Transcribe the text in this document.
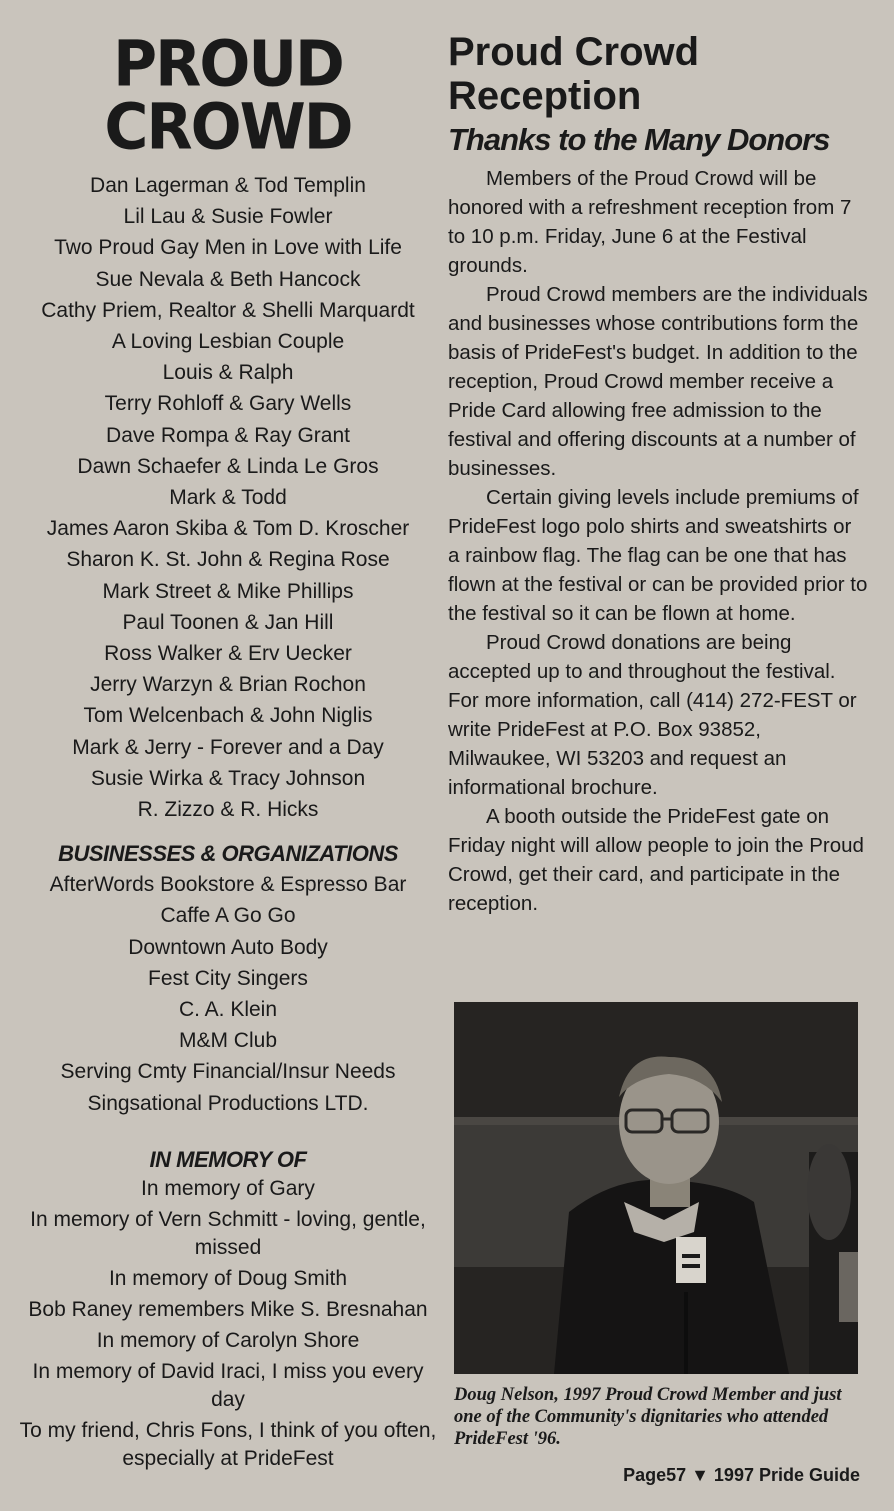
PROUD CROWD
Dan Lagerman & Tod Templin
Lil Lau & Susie Fowler
Two Proud Gay Men in Love with Life
Sue Nevala & Beth Hancock
Cathy Priem, Realtor & Shelli Marquardt
A Loving Lesbian Couple
Louis & Ralph
Terry Rohloff & Gary Wells
Dave Rompa & Ray Grant
Dawn Schaefer & Linda Le Gros
Mark & Todd
James Aaron Skiba & Tom D. Kroscher
Sharon K. St. John & Regina Rose
Mark Street & Mike Phillips
Paul Toonen & Jan Hill
Ross Walker & Erv Uecker
Jerry Warzyn & Brian Rochon
Tom Welcenbach & John Niglis
Mark & Jerry - Forever and a Day
Susie Wirka & Tracy Johnson
R. Zizzo & R. Hicks
BUSINESSES & ORGANIZATIONS
AfterWords Bookstore & Espresso Bar
Caffe A Go Go
Downtown Auto Body
Fest City Singers
C. A. Klein
M&M Club
Serving Cmty Financial/Insur Needs
Singsational Productions LTD.
IN MEMORY OF
In memory of Gary
In memory of Vern Schmitt - loving, gentle, missed
In memory of Doug Smith
Bob Raney remembers Mike S. Bresnahan
In memory of Carolyn Shore
In memory of David Iraci, I miss you every day
To my friend, Chris Fons, I think of you often, especially at PrideFest
Proud Crowd Reception
Thanks to the Many Donors

Members of the Proud Crowd will be honored with a refreshment reception from 7 to 10 p.m. Friday, June 6 at the Festival grounds.

Proud Crowd members are the individuals and businesses whose contributions form the basis of PrideFest's budget. In addition to the reception, Proud Crowd member receive a Pride Card allowing free admission to the festival and offering discounts at a number of businesses.

Certain giving levels include premiums of PrideFest logo polo shirts and sweatshirts or a rainbow flag. The flag can be one that has flown at the festival or can be provided prior to the festival so it can be flown at home.

Proud Crowd donations are being accepted up to and throughout the festival. For more information, call (414) 272-FEST or write PrideFest at P.O. Box 93852, Milwaukee, WI 53203 and request an informational brochure.

A booth outside the PrideFest gate on Friday night will allow people to join the Proud Crowd, get their card, and participate in the reception.

Doug Nelson, 1997 Proud Crowd Member and just one of the Community's dignitaries who attended PrideFest '96.
Page57 ▼ 1997 Pride Guide
